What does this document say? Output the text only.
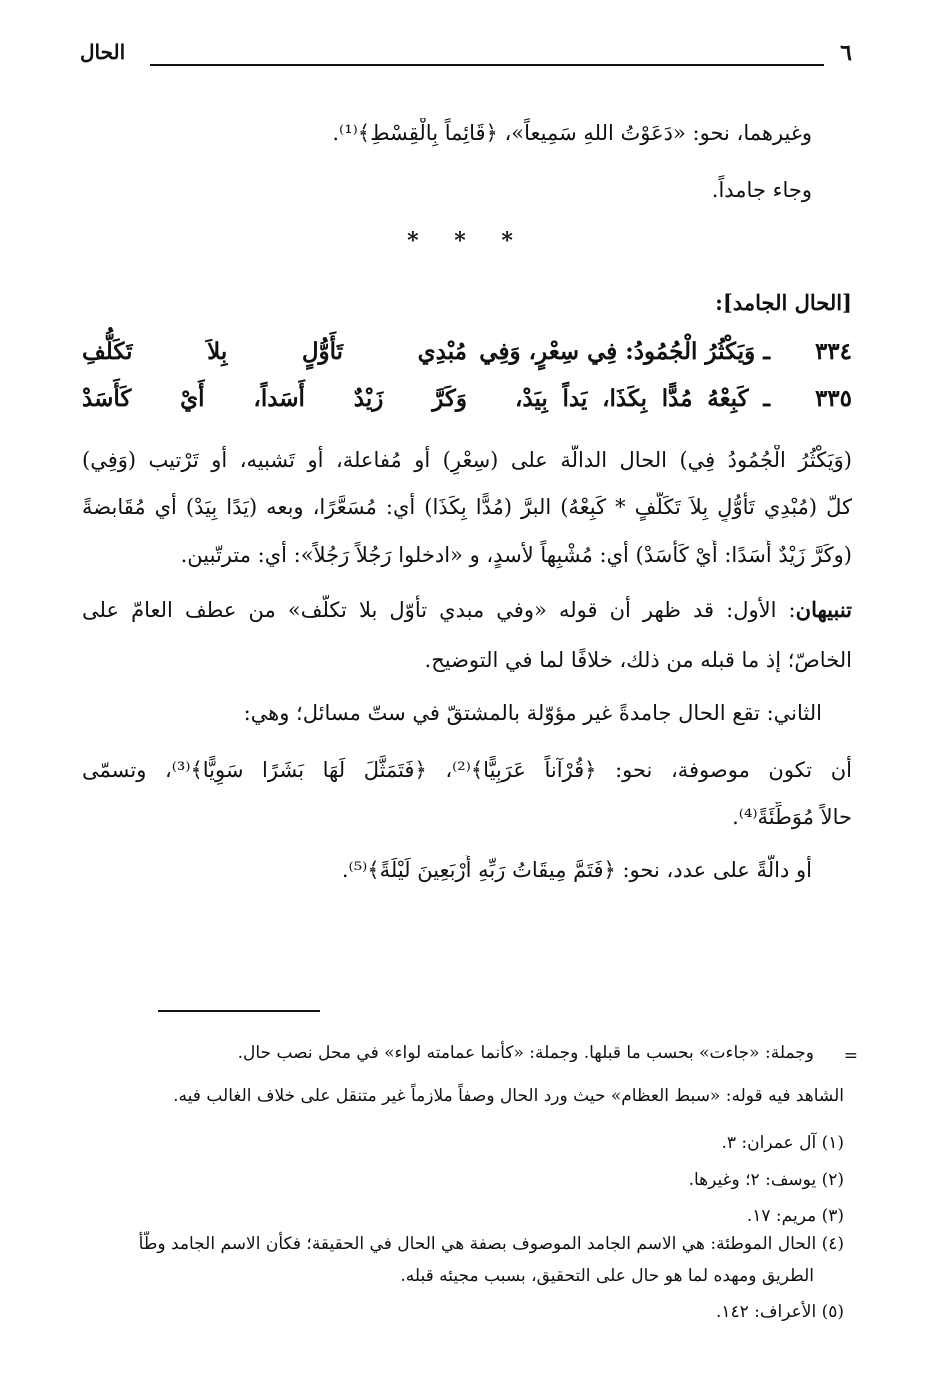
٦
الحال
وغيرهما، نحو: «دَعَوْتُ اللهِ سَمِيعاً»، ﴿قَائِماً بِالْقِسْطِ﴾⁽¹⁾.
وجاء جامداً.
* * *
[الحال الجامد]:
٣٣٤
ـ وَيَكْثُرُ الْجُمُودُ: فِي سِعْرٍ، وَفِي
مُبْدِي تَأَوُّلٍ بِلاَ تَكَلُّفِ
٣٣٥
ـ كَبِعْهُ مُدًّا بِكَذَا، يَداً بِيَدْ،
وَكَرَّ زَيْدٌ أَسَداً، أَيْ كَأَسَدْ
(وَيَكْثُرُ الْجُمُودُ فِي) الحال الدالّة على (سِعْرٍ) أو مُفاعلة، أو تَشبيه، أو تَرْتيب (وَفِي)
كلّ (مُبْدِي تَأَوُّلٍ بِلاَ تَكَلُّفٍ * كَبِعْهُ) البرَّ (مُدًّا بِكَذَا) أي: مُسَعَّرًا، وبعه (يَدًا بِيَدْ) أي مُقَابضةً
(وكَرَّ زَيْدٌ أَسَدًا: أَيْ كَأَسَدْ) أي: مُشْبِهاً لأسدٍ، و «ادخلوا رَجُلاً رَجُلاً»: أي: مترتّبين.
تنبيهان: الأول: قد ظهر أن قوله «وفي مبدي تأوّل بلا تكلّف» من عطف العامّ على
الخاصّ؛ إذ ما قبله من ذلك، خلافًا لما في التوضيح.
الثاني: تقع الحال جامدةً غير مؤوّلة بالمشتقّ في ستّ مسائل؛ وهي:
أن تكون موصوفة، نحو: ﴿قُرْآناً عَرَبِيًّا﴾⁽²⁾، ﴿فَتَمَثَّلَ لَهَا بَشَرًا سَوِيًّا﴾⁽³⁾، وتسمّى
حالاً مُوَطِّئَةً⁽⁴⁾.
أو دالّةً على عدد، نحو: ﴿فَتَمَّ مِيقَاتُ رَبِّهِ أَرْبَعِينَ لَيْلَةً﴾⁽⁵⁾.
=
وجملة: «جاءت» بحسب ما قبلها. وجملة: «كأنما عمامته لواء» في محل نصب حال.
الشاهد فيه قوله: «سبط العظام» حيث ورد الحال وصفاً ملازماً غير متنقل على خلاف الغالب فيه.
(١) آل عمران: ٣.
(٢) يوسف: ٢؛ وغيرها.
(٣) مريم: ١٧.
(٤) الحال الموطئة: هي الاسم الجامد الموصوف بصفة هي الحال في الحقيقة؛ فكأن الاسم الجامد وطّأ
الطريق ومهده لما هو حال على التحقيق، بسبب مجيئه قبله.
(٥) الأعراف: ١٤٢.
